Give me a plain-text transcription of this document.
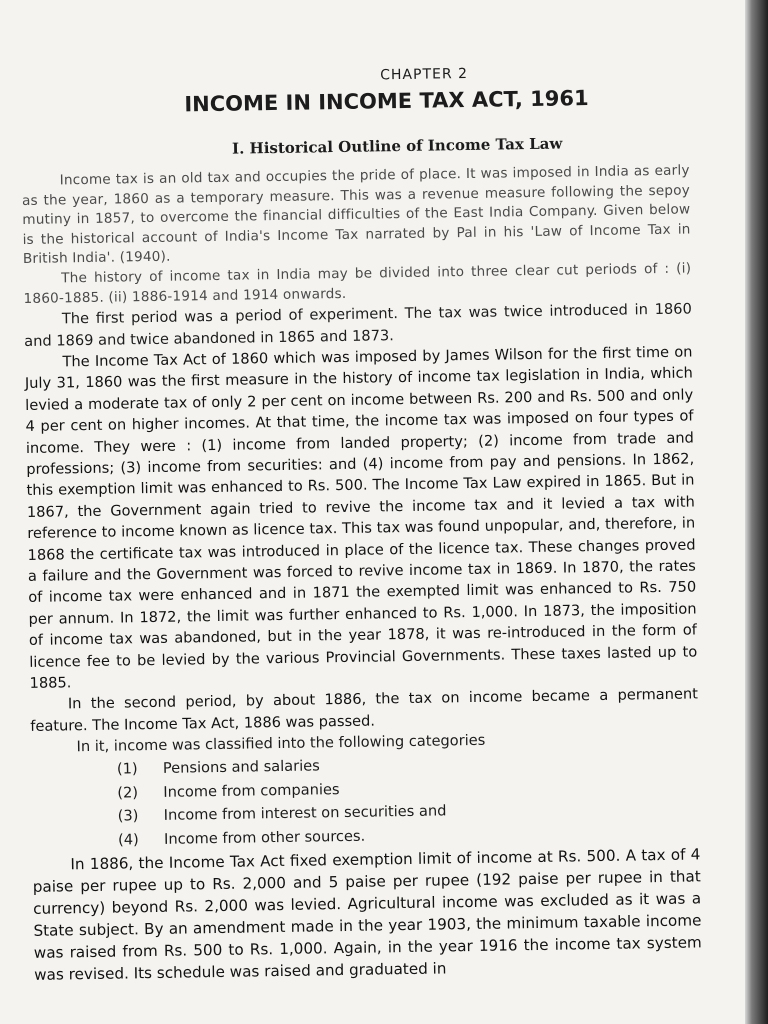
CHAPTER 2
INCOME IN INCOME TAX ACT, 1961
I. Historical Outline of Income Tax Law

Income tax is an old tax and occupies the pride of place. It was imposed in India as early as the year, 1860 as a temporary measure. This was a revenue measure following the sepoy mutiny in 1857, to overcome the financial difficulties of the East India Company. Given below is the historical account of India's Income Tax narrated by Pal in his 'Law of Income Tax in British India'. (1940).

The history of income tax in India may be divided into three clear cut periods of : (i) 1860-1885. (ii) 1886-1914 and 1914 onwards.

The first period was a period of experiment. The tax was twice introduced in 1860 and 1869 and twice abandoned in 1865 and 1873.

The Income Tax Act of 1860 which was imposed by James Wilson for the first time on July 31, 1860 was the first measure in the history of income tax legislation in India, which levied a moderate tax of only 2 per cent on income between Rs. 200 and Rs. 500 and only 4 per cent on higher incomes. At that time, the income tax was imposed on four types of income. They were : (1) income from landed property; (2) income from trade and professions; (3) income from securities: and (4) income from pay and pensions. In 1862, this exemption limit was enhanced to Rs. 500. The Income Tax Law expired in 1865. But in 1867, the Government again tried to revive the income tax and it levied a tax with reference to income known as licence tax. This tax was found unpopular, and, therefore, in 1868 the certificate tax was introduced in place of the licence tax. These changes proved a failure and the Government was forced to revive income tax in 1869. In 1870, the rates of income tax were enhanced and in 1871 the exempted limit was enhanced to Rs. 750 per annum. In 1872, the limit was further enhanced to Rs. 1,000. In 1873, the imposition of income tax was abandoned, but in the year 1878, it was re-introduced in the form of licence fee to be levied by the various Provincial Governments. These taxes lasted up to 1885.

In the second period, by about 1886, the tax on income became a permanent feature. The Income Tax Act, 1886 was passed.

In it, income was classified into the following categories

(1)	Pensions and salaries
(2)	Income from companies
(3)	Income from interest on securities and
(4)	Income from other sources.

In 1886, the Income Tax Act fixed exemption limit of income at Rs. 500. A tax of 4 paise per rupee up to Rs. 2,000 and 5 paise per rupee (192 paise per rupee in that currency) beyond Rs. 2,000 was levied. Agricultural income was excluded as it was a State subject. By an amendment made in the year 1903, the minimum taxable income was raised from Rs. 500 to Rs. 1,000. Again, in the year 1916 the income tax system was revised. Its schedule was raised and graduated in
